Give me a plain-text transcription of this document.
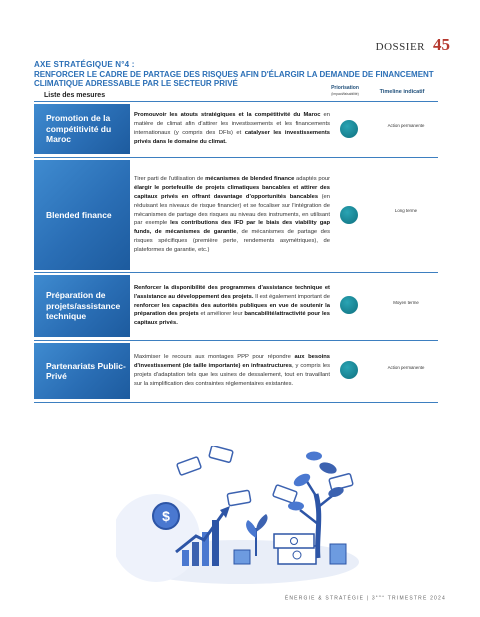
DOSSIER 45
AXE STRATÉGIQUE N°4 :
RENFORCER LE CADRE DE PARTAGE DES RISQUES AFIN D'ÉLARGIR LA DEMANDE DE FINANCEMENT CLIMATIQUE ADRESSABLE PAR LE SECTEUR PRIVÉ
Liste des mesures
Priorisation
(Impact/faisabilité)	Timeline indicatif
Promotion de la compétitivité du Maroc
Promouvoir les atouts stratégiques et la compétitivité du Maroc en matière de climat afin d'attirer les investissements et les financements internationaux (y compris des DFIs) et catalyser les investissements privés dans le domaine du climat.
Action permanente
Blended finance
Tirer parti de l'utilisation de mécanismes de blended finance adaptés pour élargir le portefeuille de projets climatiques bancables et attirer des capitaux privés en offrant davantage d'opportunités bancables (en réduisant les niveaux de risque financier) et se focaliser sur l'intégration de mécanismes de partage des risques au niveau des instruments, en utilisant par exemple les contributions des IFD par le biais des viability gap funds, de mécanismes de garantie, de mécanismes de partage des risques spécifiques (première perte, rendements asymétriques), de plateformes de garantie, etc.)
Long terme
Préparation de projets/assistance technique
Renforcer la disponibilité des programmes d'assistance technique et l'assistance au développement des projets. Il est également important de renforcer les capacités des autorités publiques en vue de soutenir la préparation des projets et améliorer leur bancabilité/attractivité pour les capitaux privés.
Moyen terme
Partenariats Public-Privé
Maximiser le recours aux montages PPP pour répondre aux besoins d'investissement (de taille importante) en infrastructures, y compris les projets d'adaptation tels que les usines de dessalement, tout en travaillant sur la simplification des contraintes réglementaires existantes.
Action permanente
$
ÉNERGIE & STRATÉGIE | 3ème TRIMESTRE 2024
